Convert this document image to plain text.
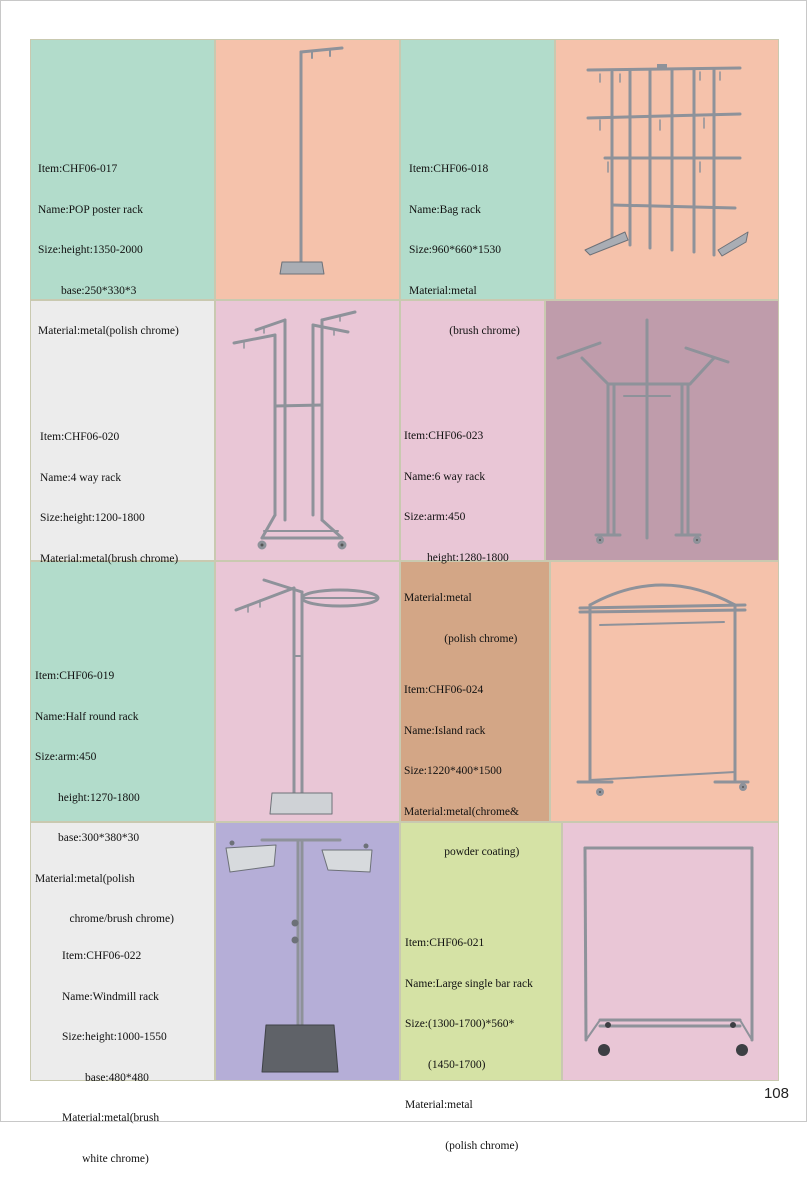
Item:CHF06-017

Name:POP poster rack

Size:height:1350-2000

base:250*330*3

Material:metal(polish chrome)

Item:CHF06-018

Name:Bag rack

Size:960*660*1530

Material:metal

(brush chrome)

Item:CHF06-020

Name:4 way rack

Size:height:1200-1800

Material:metal(brush chrome)

Item:CHF06-023

Name:6 way rack

Size:arm:450

height:1280-1800

Material:metal

(polish chrome)

Item:CHF06-019

Name:Half round rack

Size:arm:450

height:1270-1800

base:300*380*30

Material:metal(polish

chrome/brush chrome)

Item:CHF06-024

Name:Island rack

Size:1220*400*1500

Material:metal(chrome&

powder coating)

Item:CHF06-022

Name:Windmill rack

Size:height:1000-1550

base:480*480

Material:metal(brush

white chrome)

Item:CHF06-021

Name:Large single bar rack

Size:(1300-1700)*560*

(1450-1700)

Material:metal

(polish chrome)

108
